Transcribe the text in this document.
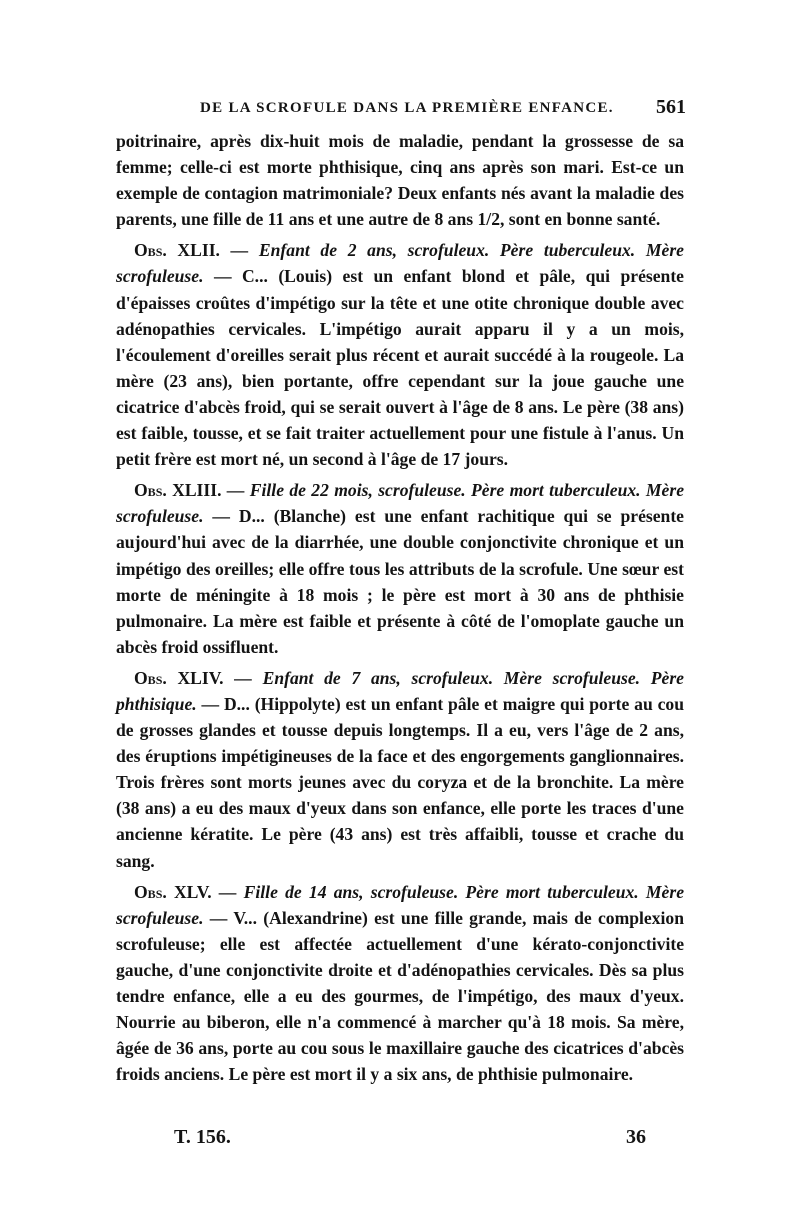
DE LA SCROFULE DANS LA PREMIÈRE ENFANCE. 561

poitrinaire, après dix-huit mois de maladie, pendant la grossesse de sa femme; celle-ci est morte phthisique, cinq ans après son mari. Est-ce un exemple de contagion matrimoniale? Deux enfants nés avant la maladie des parents, une fille de 11 ans et une autre de 8 ans 1/2, sont en bonne santé.

Obs. XLII. — Enfant de 2 ans, scrofuleux. Père tuberculeux. Mère scrofuleuse. — C... (Louis) est un enfant blond et pâle, qui présente d'épaisses croûtes d'impétigo sur la tête et une otite chronique double avec adénopathies cervicales. L'impétigo aurait apparu il y a un mois, l'écoulement d'oreilles serait plus récent et aurait succédé à la rougeole. La mère (23 ans), bien portante, offre cependant sur la joue gauche une cicatrice d'abcès froid, qui se serait ouvert à l'âge de 8 ans. Le père (38 ans) est faible, tousse, et se fait traiter actuellement pour une fistule à l'anus. Un petit frère est mort né, un second à l'âge de 17 jours.

Obs. XLIII. — Fille de 22 mois, scrofuleuse. Père mort tuberculeux. Mère scrofuleuse. — D... (Blanche) est une enfant rachitique qui se présente aujourd'hui avec de la diarrhée, une double conjonctivite chronique et un impétigo des oreilles; elle offre tous les attributs de la scrofule. Une sœur est morte de méningite à 18 mois ; le père est mort à 30 ans de phthisie pulmonaire. La mère est faible et présente à côté de l'omoplate gauche un abcès froid ossifluent.

Obs. XLIV. — Enfant de 7 ans, scrofuleux. Mère scrofuleuse. Père phthisique. — D... (Hippolyte) est un enfant pâle et maigre qui porte au cou de grosses glandes et tousse depuis longtemps. Il a eu, vers l'âge de 2 ans, des éruptions impétigineuses de la face et des engorgements ganglionnaires. Trois frères sont morts jeunes avec du coryza et de la bronchite. La mère (38 ans) a eu des maux d'yeux dans son enfance, elle porte les traces d'une ancienne kératite. Le père (43 ans) est très affaibli, tousse et crache du sang.

Obs. XLV. — Fille de 14 ans, scrofuleuse. Père mort tuberculeux. Mère scrofuleuse. — V... (Alexandrine) est une fille grande, mais de complexion scrofuleuse; elle est affectée actuellement d'une kérato-conjonctivite gauche, d'une conjonctivite droite et d'adénopathies cervicales. Dès sa plus tendre enfance, elle a eu des gourmes, de l'impétigo, des maux d'yeux. Nourrie au biberon, elle n'a commencé à marcher qu'à 18 mois. Sa mère, âgée de 36 ans, porte au cou sous le maxillaire gauche des cicatrices d'abcès froids anciens. Le père est mort il y a six ans, de phthisie pulmonaire.

T. 156.	36
